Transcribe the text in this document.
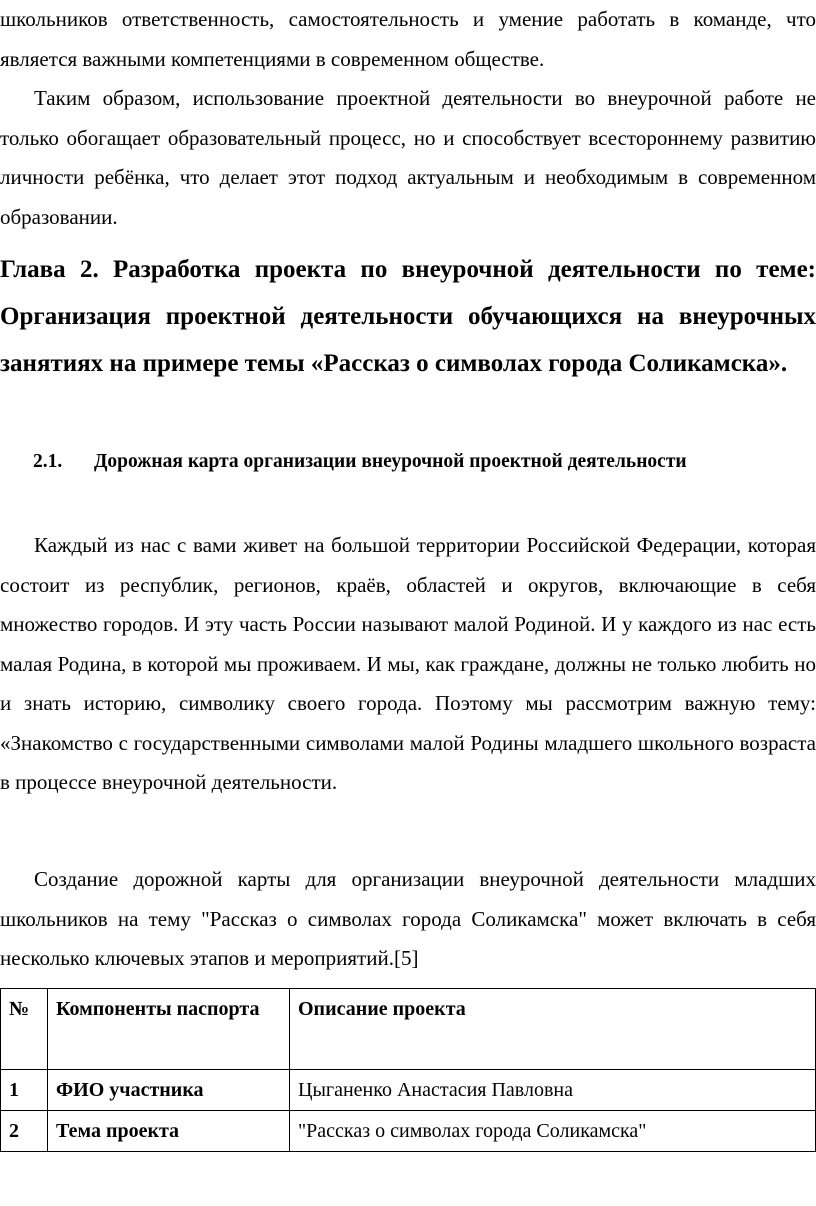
школьников ответственность, самостоятельность и умение работать в команде, что является важными компетенциями в современном обществе.

Таким образом, использование проектной деятельности во внеурочной работе не только обогащает образовательный процесс, но и способствует всестороннему развитию личности ребёнка, что делает этот подход актуальным и необходимым в современном образовании.

Глава 2. Разработка проекта по внеурочной деятельности по теме: Организация проектной деятельности обучающихся на внеурочных занятиях на примере темы «Рассказ о символах города Соликамска».
2.1. Дорожная карта организации внеурочной проектной деятельности

Каждый из нас с вами живет на большой территории Российской Федерации, которая состоит из республик, регионов, краёв, областей и округов, включающие в себя множество городов. И эту часть России называют малой Родиной. И у каждого из нас есть малая Родина, в которой мы проживаем. И мы, как граждане, должны не только любить но и знать историю, символику своего города. Поэтому мы рассмотрим важную тему: «Знакомство с государственными символами малой Родины младшего школьного возраста в процессе внеурочной деятельности.

Создание дорожной карты для организации внеурочной деятельности младших школьников на тему "Рассказ о символах города Соликамска" может включать в себя несколько ключевых этапов и мероприятий.[5]

№	Компоненты паспорта	Описание проекта
1	ФИО участника	Цыганенко Анастасия Павловна
2	Тема проекта	"Рассказ о символах города Соликамска"
